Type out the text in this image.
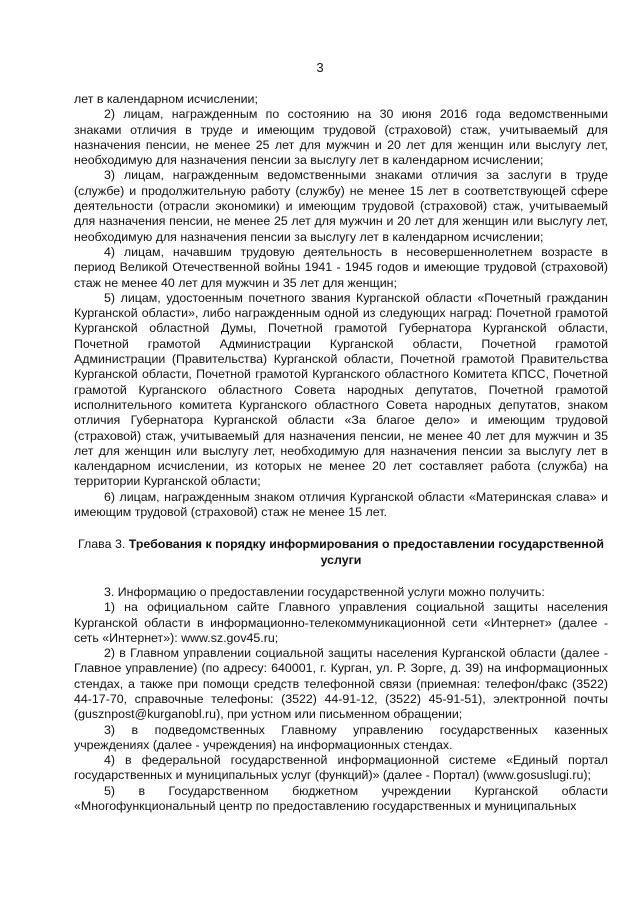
3

лет в календарном исчислении;

2) лицам, награжденным по состоянию на 30 июня 2016 года ведомственными знаками отличия в труде и имеющим трудовой (страховой) стаж, учитываемый для назначения пенсии, не менее 25 лет для мужчин и 20 лет для женщин или выслугу лет, необходимую для назначения пенсии за выслугу лет в календарном исчислении;

3) лицам, награжденным ведомственными знаками отличия за заслуги в труде (службе) и продолжительную работу (службу) не менее 15 лет в соответствующей сфере деятельности (отрасли экономики) и имеющим трудовой (страховой) стаж, учитываемый для назначения пенсии, не менее 25 лет для мужчин и 20 лет для женщин или выслугу лет, необходимую для назначения пенсии за выслугу лет в календарном исчислении;

4) лицам, начавшим трудовую деятельность в несовершеннолетнем возрасте в период Великой Отечественной войны 1941 - 1945 годов и имеющие трудовой (страховой) стаж не менее 40 лет для мужчин и 35 лет для женщин;

5) лицам, удостоенным почетного звания Курганской области «Почетный гражданин Курганской области», либо награжденным одной из следующих наград: Почетной грамотой Курганской областной Думы, Почетной грамотой Губернатора Курганской области, Почетной грамотой Администрации Курганской области, Почетной грамотой Администрации (Правительства) Курганской области, Почетной грамотой Правительства Курганской области, Почетной грамотой Курганского областного Комитета КПСС, Почетной грамотой Курганского областного Совета народных депутатов, Почетной грамотой исполнительного комитета Курганского областного Совета народных депутатов, знаком отличия Губернатора Курганской области «За благое дело» и имеющим трудовой (страховой) стаж, учитываемый для назначения пенсии, не менее 40 лет для мужчин и 35 лет для женщин или выслугу лет, необходимую для назначения пенсии за выслугу лет в календарном исчислении, из которых не менее 20 лет составляет работа (служба) на территории Курганской области;

6) лицам, награжденным знаком отличия Курганской области «Материнская слава» и имеющим трудовой (страховой) стаж не менее 15 лет.

Глава 3. Требования к порядку информирования о предоставлении государственной услуги

3. Информацию о предоставлении государственной услуги можно получить:

1) на официальном сайте Главного управления социальной защиты населения Курганской области в информационно-телекоммуникационной сети «Интернет» (далее - сеть «Интернет»): www.sz.gov45.ru;

2) в Главном управлении социальной защиты населения Курганской области (далее - Главное управление) (по адресу: 640001, г. Курган, ул. Р. Зорге, д. 39) на информационных стендах, а также при помощи средств телефонной связи (приемная: телефон/факс (3522) 44-17-70, справочные телефоны: (3522) 44-91-12, (3522) 45-91-51), электронной почты (gusznpost@kurganobl.ru), при устном или письменном обращении;

3) в подведомственных Главному управлению государственных казенных учреждениях (далее - учреждения) на информационных стендах.

4) в федеральной государственной информационной системе «Единый портал государственных и муниципальных услуг (функций)» (далее - Портал) (www.gosuslugi.ru);

5) в Государственном бюджетном учреждении Курганской области «Многофункциональный центр по предоставлению государственных и муниципальных
